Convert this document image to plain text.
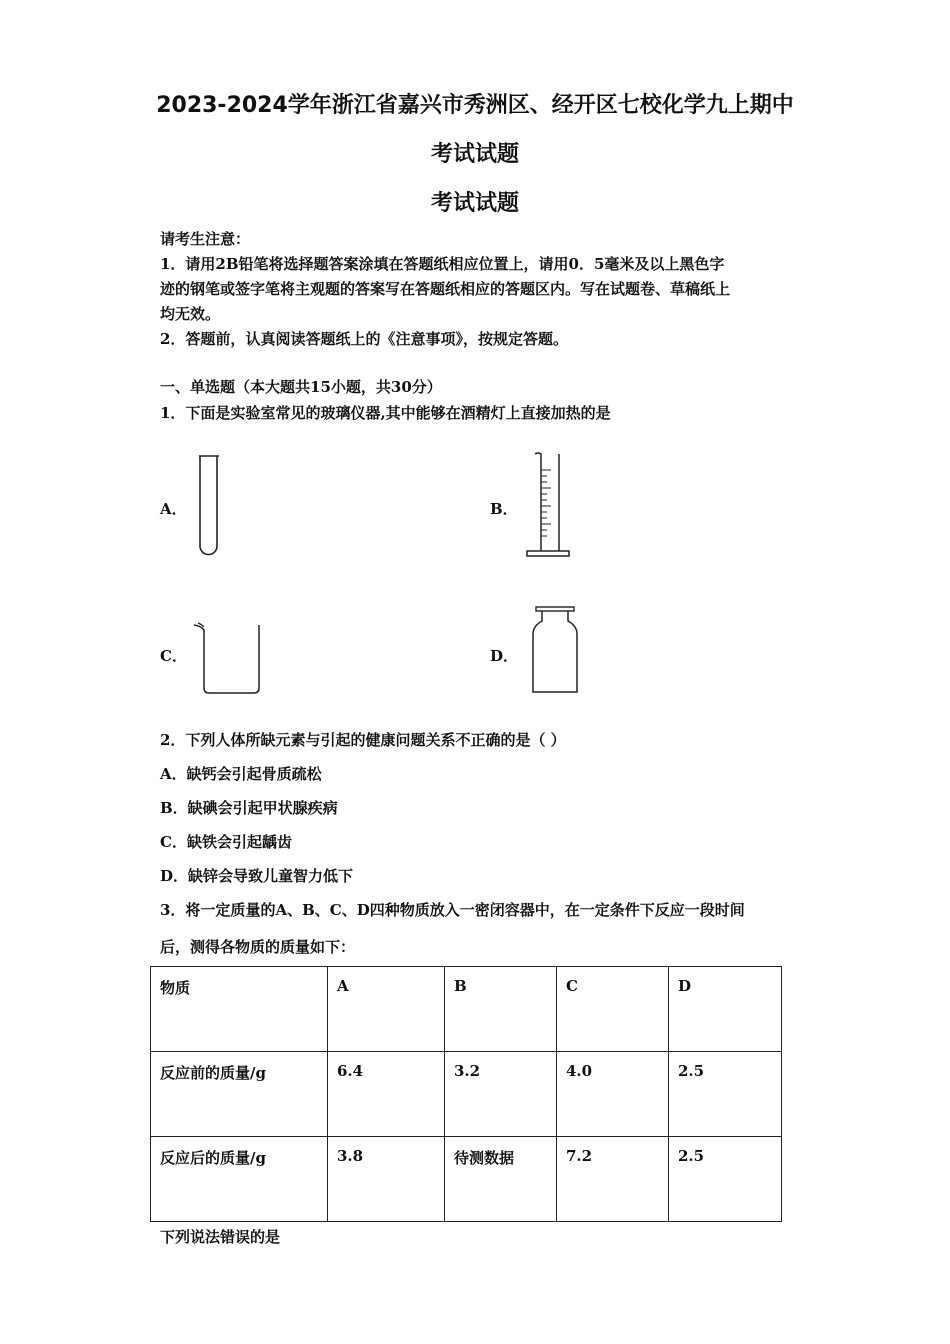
2023-2024学年浙江省嘉兴市秀洲区、经开区七校化学九上期中
考试试题
考试试题
请考生注意：
1．请用2B铅笔将选择题答案涂填在答题纸相应位置上，请用0．5毫米及以上黑色字
迹的钢笔或签字笔将主观题的答案写在答题纸相应的答题区内。写在试题卷、草稿纸上
均无效。
2．答题前，认真阅读答题纸上的《注意事项》，按规定答题。
一、单选题（本大题共15小题，共30分）
1．下面是实验室常见的玻璃仪器,其中能够在酒精灯上直接加热的是
A．	B．
C．	D．
2．下列人体所缺元素与引起的健康问题关系不正确的是（ ）
A．缺钙会引起骨质疏松
B．缺碘会引起甲状腺疾病
C．缺铁会引起龋齿
D．缺锌会导致儿童智力低下
3．将一定质量的A、B、C、D四种物质放入一密闭容器中，在一定条件下反应一段时间
后，测得各物质的质量如下：
物质	A	B	C	D
反应前的质量/g	6.4	3.2	4.0	2.5
反应后的质量/g	3.8	待测数据	7.2	2.5
下列说法错误的是
